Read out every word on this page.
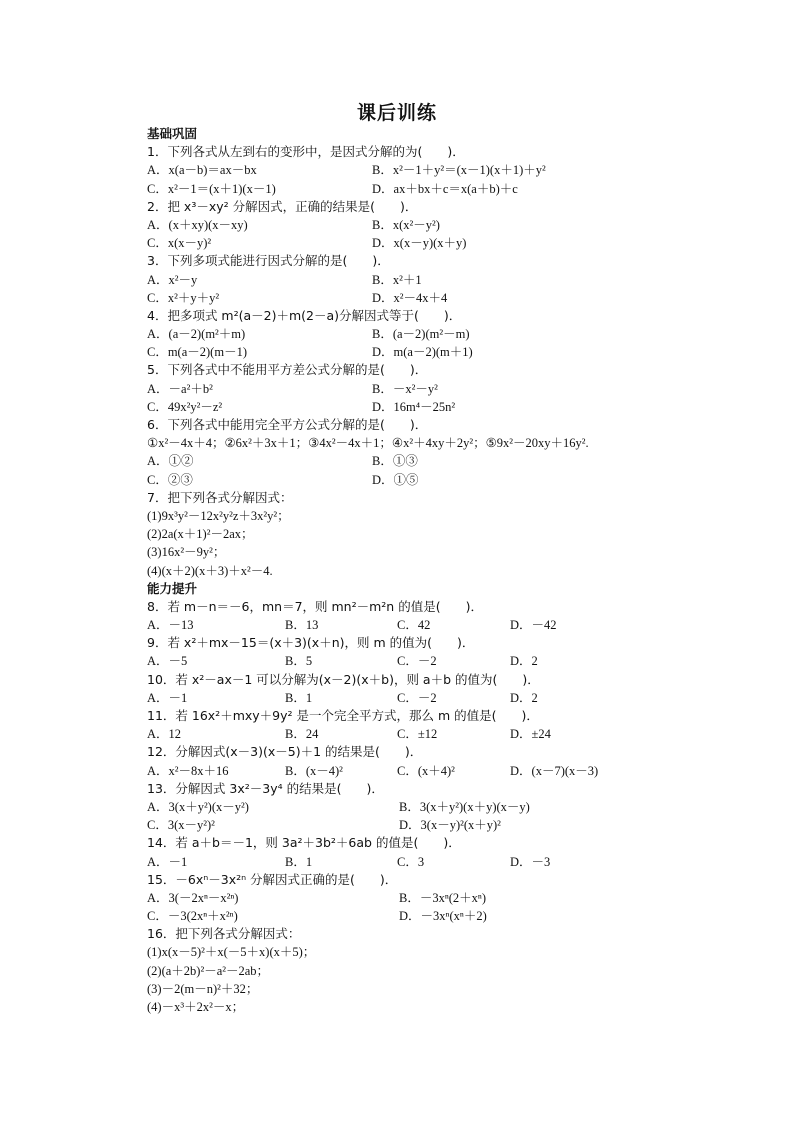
课后训练
基础巩固
1．下列各式从左到右的变形中，是因式分解的为(　　)．
A．x(a－b)＝ax－bx	B．x²－1＋y²＝(x－1)(x＋1)＋y²
C．x²－1＝(x＋1)(x－1)	D．ax＋bx＋c＝x(a＋b)＋c
2．把 x³－xy² 分解因式，正确的结果是(　　)．
A．(x＋xy)(x－xy)	B．x(x²－y²)
C．x(x－y)²	D．x(x－y)(x＋y)
3．下列多项式能进行因式分解的是(　　)．
A．x²－y	B．x²＋1
C．x²＋y＋y²	D．x²－4x＋4
4．把多项式 m²(a－2)＋m(2－a)分解因式等于(　　)．
A．(a－2)(m²＋m)	B．(a－2)(m²－m)
C．m(a－2)(m－1)	D．m(a－2)(m＋1)
5．下列各式中不能用平方差公式分解的是(　　)．
A．－a²＋b²	B．－x²－y²
C．49x²y²－z²	D．16m⁴－25n²
6．下列各式中能用完全平方公式分解的是(　　)．
①x²－4x＋4；②6x²＋3x＋1；③4x²－4x＋1；④x²＋4xy＋2y²；⑤9x²－20xy＋16y².
A．①②	B．①③
C．②③	D．①⑤
7．把下列各式分解因式：
(1)9x³y²－12x²y²z＋3x²y²；
(2)2a(x＋1)²－2ax；
(3)16x²－9y²；
(4)(x＋2)(x＋3)＋x²－4.
能力提升
8．若 m－n＝－6，mn＝7，则 mn²－m²n 的值是(　　)．
A．－13	B．13	C．42	D．－42
9．若 x²＋mx－15＝(x＋3)(x＋n)，则 m 的值为(　　)．
A．－5	B．5	C．－2	D．2
10．若 x²－ax－1 可以分解为(x－2)(x＋b)，则 a＋b 的值为(　　)．
A．－1	B．1	C．－2	D．2
11．若 16x²＋mxy＋9y² 是一个完全平方式，那么 m 的值是(　　)．
A．12	B．24	C．±12	D．±24
12．分解因式(x－3)(x－5)＋1 的结果是(　　)．
A．x²－8x＋16	B．(x－4)²	C．(x＋4)²	D．(x－7)(x－3)
13．分解因式 3x²－3y⁴ 的结果是(　　)．
A．3(x＋y²)(x－y²)	B．3(x＋y²)(x＋y)(x－y)
C．3(x－y²)²	D．3(x－y)²(x＋y)²
14．若 a＋b＝－1，则 3a²＋3b²＋6ab 的值是(　　)．
A．－1	B．1	C．3	D．－3
15．－6xⁿ－3x²ⁿ 分解因式正确的是(　　)．
A．3(－2xⁿ－x²ⁿ)	B．－3xⁿ(2＋xⁿ)
C．－3(2xⁿ＋x²ⁿ)	D．－3xⁿ(xⁿ＋2)
16．把下列各式分解因式：
(1)x(x－5)²＋x(－5＋x)(x＋5)；
(2)(a＋2b)²－a²－2ab；
(3)－2(m－n)²＋32；
(4)－x³＋2x²－x；
